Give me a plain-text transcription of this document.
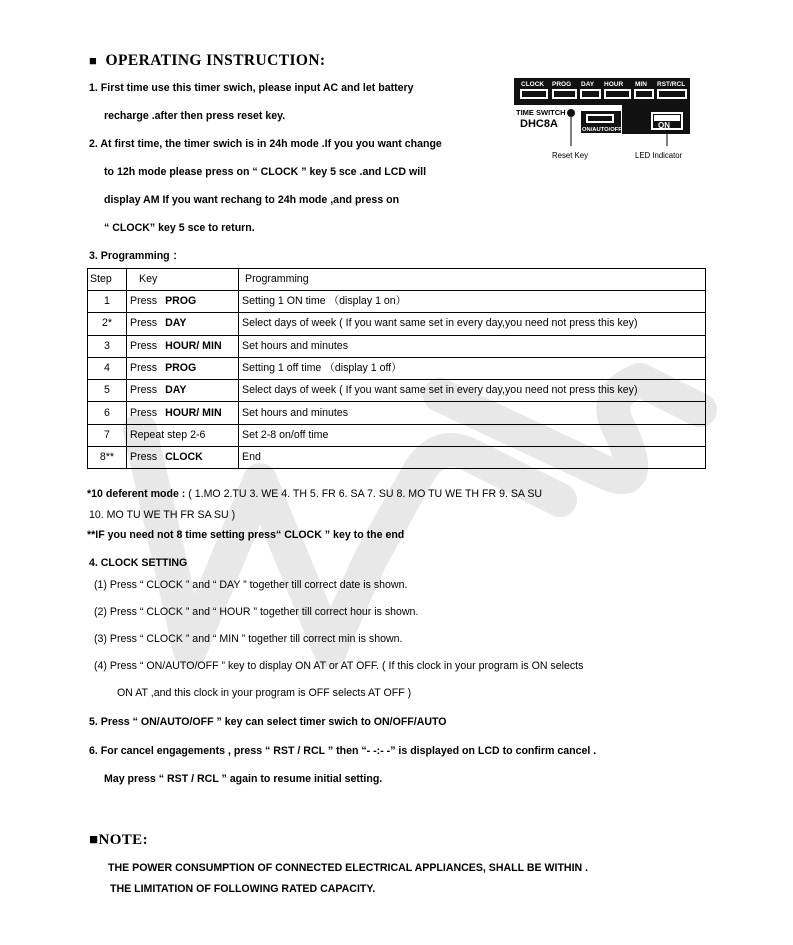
■ OPERATING INSTRUCTION:
1. First time use this timer swich, please input AC and let battery
recharge .after then press reset key.
2. At first time, the timer swich is in 24h mode .If you you want change
to 12h mode please press on “ CLOCK ” key 5 sce .and LCD will
display AM If you want rechang to 24h mode ,and press on
“ CLOCK” key 5 sce to return.
3. Programming ：
CLOCK PROG DAY HOUR MIN RST/RCL
TIME SWITCH
DHC8A	ON/AUTO/OFF	ON
Reset Key	LED Indicator
Step	Key	Programming
1	Press PROG	Setting 1 ON time （display 1 on）
2*	Press DAY	Select days of week ( If you want same set in every day,you need not press this key)
3	Press HOUR/ MIN	Set hours and minutes
4	Press PROG	Setting 1 off time （display 1 off）
5	Press DAY	Select days of week ( If you want same set in every day,you need not press this key)
6	Press HOUR/ MIN	Set hours and minutes
7	Repeat step 2-6	Set 2-8 on/off time
8**	Press CLOCK	End
*10 deferent mode : ( 1.MO 2.TU 3. WE 4. TH 5. FR 6. SA 7. SU 8. MO TU WE TH FR 9. SA SU
10. MO TU WE TH FR SA SU )
**IF you need not 8 time setting press“ CLOCK ” key to the end
4. CLOCK SETTING
(1) Press “ CLOCK ” and “ DAY ” together till correct date is shown.
(2) Press “ CLOCK ” and “ HOUR ” together till correct hour is shown.
(3) Press “ CLOCK ” and “ MIN ” together till correct min is shown.
(4) Press “ ON/AUTO/OFF ” key to display ON AT or AT OFF. ( If this clock in your program is ON selects
ON AT ,and this clock in your program is OFF selects AT OFF )
5. Press “ ON/AUTO/OFF ” key can select timer swich to ON/OFF/AUTO
6. For cancel engagements , press “ RST / RCL ” then “- -:- -” is displayed on LCD to confirm cancel .
May press “ RST / RCL ” again to resume initial setting.
■NOTE:
THE POWER CONSUMPTION OF CONNECTED ELECTRICAL APPLIANCES, SHALL BE WITHIN .
THE LIMITATION OF FOLLOWING RATED CAPACITY.
